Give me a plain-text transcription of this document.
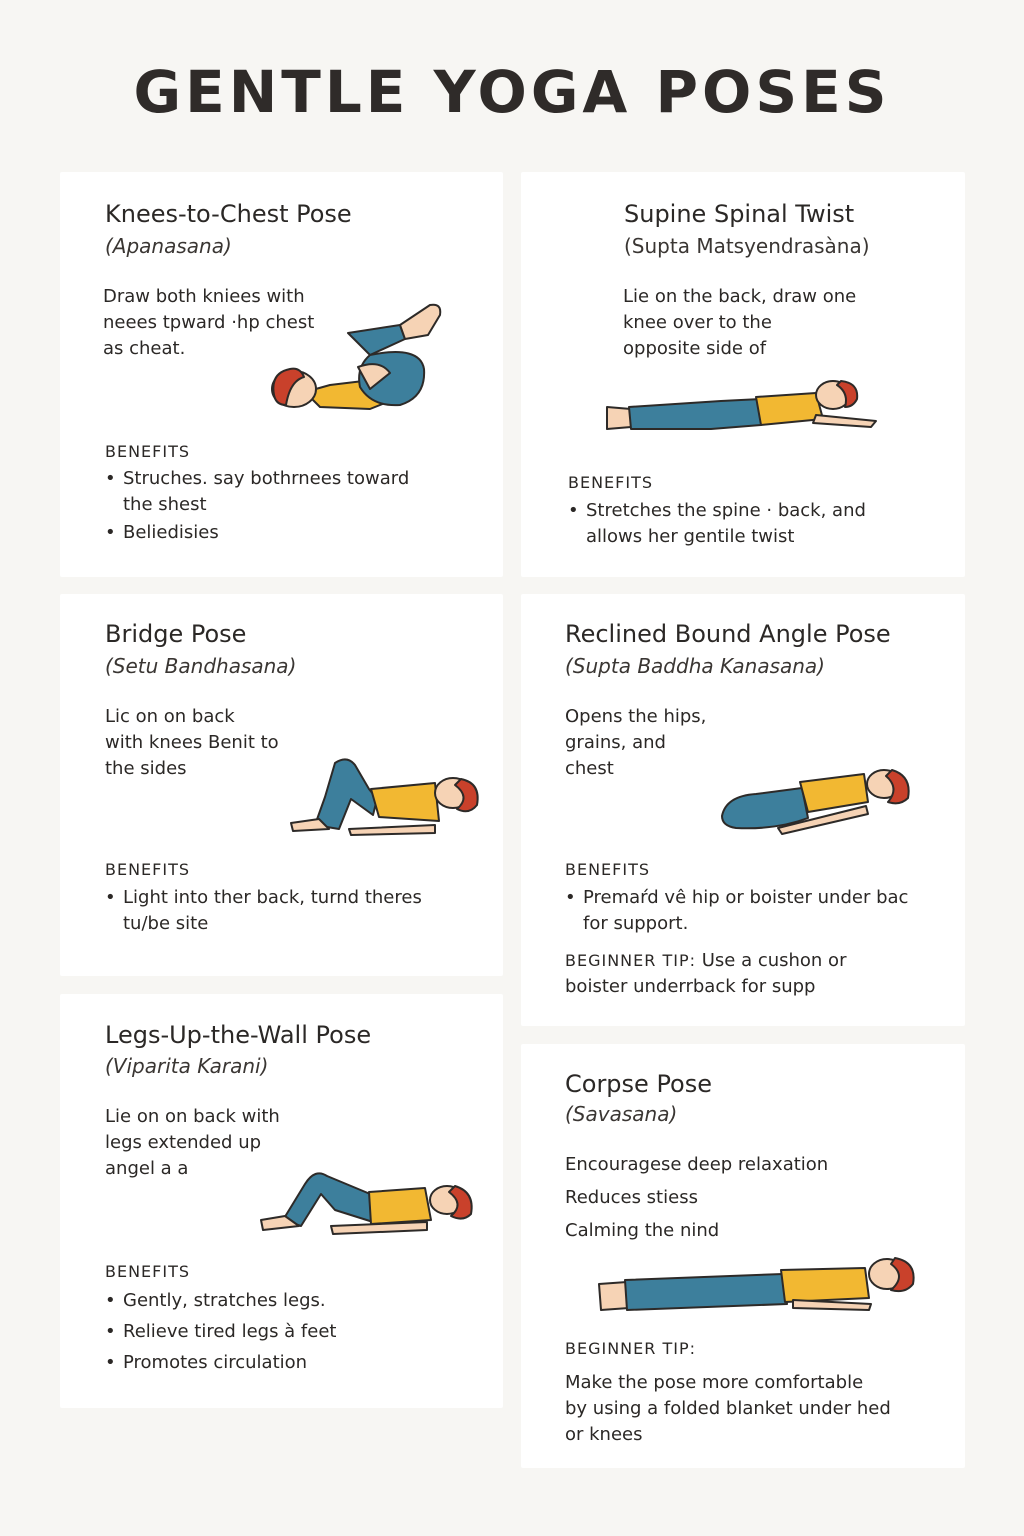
GENTLE YOGA POSES
Knees-to-Chest Pose
(Apanasana)
Draw both kniees with
neees tpward ·hp chest
as cheat.
BENEFITS
• Struches. say bothrnees toward
the shest
• Beliedisies
Supine Spinal Twist
(Supta Matsyendrasàna)
Lie on the back, draw one
knee over to the
opposite side of
BENEFITS
• Stretches the spine · back, and
allows her gentile twist
Bridge Pose
(Setu Bandhasana)
Lic on on back
with knees Benit to
the sides
BENEFITS
• Light into ther back, turnd theres
tu/be site
Reclined Bound Angle Pose
(Supta Baddha Kanasana)
Opens the hips,
grains, and
chest
BENEFITS
• Premaŕd vê hip or boister under bac
for support.
BEGINNER TIP: Use a cushon or
boister underrback for supp
Legs-Up-the-Wall Pose
(Viparita Karani)
Lie on on back with
legs extended up
angel a a
BENEFITS
• Gently, stratches legs.
• Relieve tired legs à feet
• Promotes circulation
Corpse Pose
(Savasana)
Encouragese deep relaxation
Reduces stiess
Calming the nind
BEGINNER TIP:
Make the pose more comfortable
by using a folded blanket under hed
or knees
